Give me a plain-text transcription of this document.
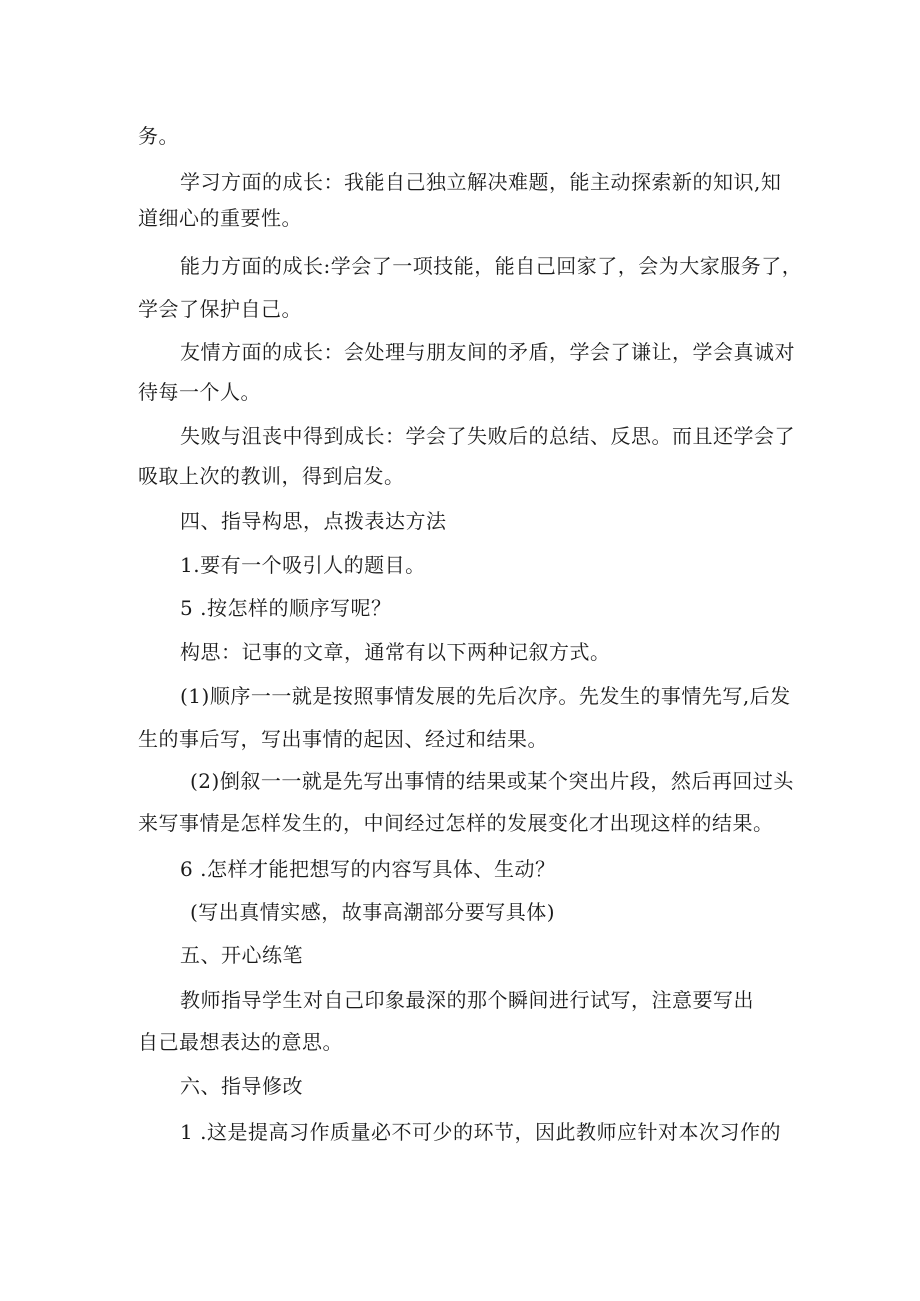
务。
学习方面的成长：我能自己独立解决难题，能主动探索新的知识,知
道细心的重要性。
能力方面的成长:学会了一项技能，能自己回家了，会为大家服务了，
学会了保护自己。
友情方面的成长：会处理与朋友间的矛盾，学会了谦让，学会真诚对
待每一个人。
失败与沮丧中得到成长：学会了失败后的总结、反思。而且还学会了
吸取上次的教训，得到启发。
四、指导构思，点拨表达方法
1.要有一个吸引人的题目。
5 .按怎样的顺序写呢？
构思：记事的文章，通常有以下两种记叙方式。
(1)顺序一一就是按照事情发展的先后次序。先发生的事情先写,后发
生的事后写，写出事情的起因、经过和结果。
(2)倒叙一一就是先写出事情的结果或某个突出片段，然后再回过头
来写事情是怎样发生的，中间经过怎样的发展变化才出现这样的结果。
6 .怎样才能把想写的内容写具体、生动？
(写出真情实感，故事高潮部分要写具体)
五、开心练笔
教师指导学生对自己印象最深的那个瞬间进行试写，注意要写出
自己最想表达的意思。
六、指导修改
1 .这是提高习作质量必不可少的环节，因此教师应针对本次习作的
